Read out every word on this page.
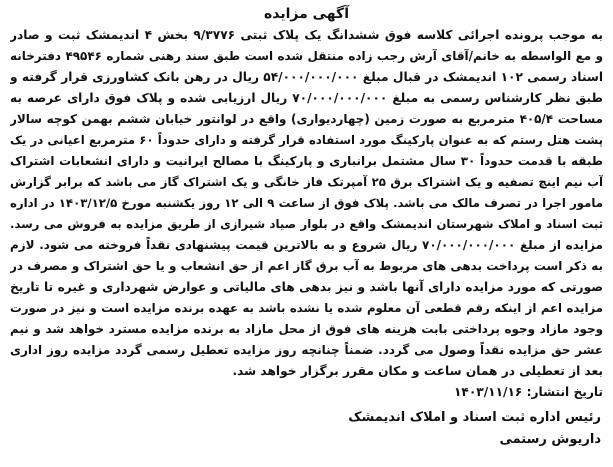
آگهی مزایده
به موجب پرونده اجرائی کلاسه فوق ششدانگ یک پلاک ثبتی ۹/۳۷۷۶ بخش ۴ اندیمشک ثبت و صادر
و مع الواسطه به خانم/آقای آرش رجب زاده منتقل شده است طبق سند رهنی شماره ۴۹۵۴۶ دفترخانه
اسناد رسمی ۱۰۲ اندیمشک در قبال مبلغ ۵۴/۰۰۰/۰۰۰/۰۰۰ ریال در رهن بانک کشاورزی قرار گرفته و
طبق نظر کارشناس رسمی به مبلغ ۷۰/۰۰۰/۰۰۰/۰۰۰ ریال ارزیابی شده و پلاک فوق دارای عرصه به
مساحت ۴۰۵/۴ مترمربع به صورت زمین (چهاردیواری) واقع در لوانتور خیابان ششم بهمن کوچه سالار
پشت هتل رستم که به عنوان پارکینگ مورد استفاده قرار گرفته و دارای حدوداً ۶۰ مترمربع اعیانی در یک
طبقه با قدمت حدوداً ۳۰ سال مشتمل برانباری و پارکینگ با مصالح ایرانیت و دارای انشعابات اشتراک
آب نیم اینچ تصفیه و یک اشتراک برق ۲۵ آمپرتک فاز خانگی و یک اشتراک گاز می باشد که برابر گزارش
مامور اجرا در تصرف مالک می باشد. پلاک فوق از ساعت ۹ الی ۱۲ روز یکشنبه مورخ ۱۴۰۳/۱۲/۵ در اداره
ثبت اسناد و املاک شهرستان اندیمشک واقع در بلوار صیاد شیرازی از طریق مزایده به فروش می رسد.
مزایده از مبلغ ۷۰/۰۰۰/۰۰۰/۰۰۰ ریال شروع و به بالاترین قیمت پیشنهادی نقداً فروخته می شود. لازم
به ذکر است پرداخت بدهی های مربوط به آب برق گاز اعم از حق انشعاب و یا حق اشتراک و مصرف در
صورتی که مورد مزایده دارای آنها باشد و نیز بدهی های مالیاتی و عوارض شهرداری و غیره تا تاریخ
مزایده اعم از اینکه رقم قطعی آن معلوم شده یا نشده باشد به عهده برنده مزایده است و نیز در صورت
وجود مازاد وجوه پرداختی بابت هزینه های فوق از محل مازاد به برنده مزایده مسترد خواهد شد و نیم
عشر حق مزایده نقداً وصول می گردد. ضمناً چنانچه روز مزایده تعطیل رسمی گردد مزایده روز اداری
بعد از تعطیلی در همان ساعت و مکان مقرر برگزار خواهد شد.
تاریخ انتشار: ۱۴۰۳/۱۱/۱۶
رئیس اداره ثبت اسناد و املاک اندیمشک
داریوش رستمی
